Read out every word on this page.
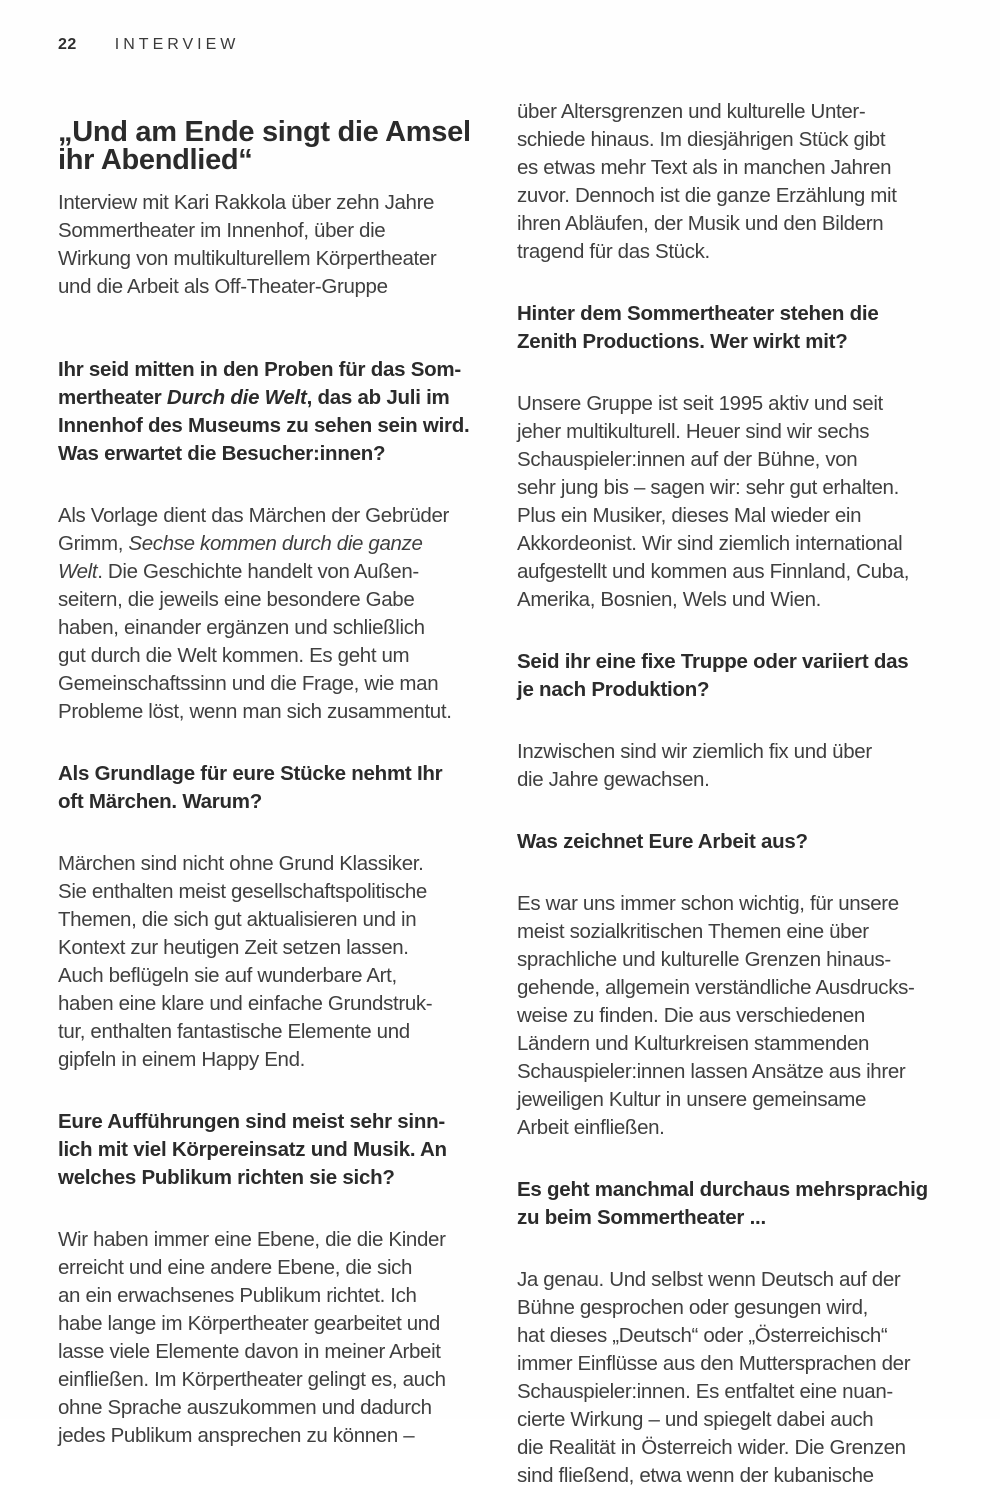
22 INTERVIEW
„Und am Ende singt die Amsel
ihr Abendlied“
Interview mit Kari Rakkola über zehn Jahre
Sommertheater im Innenhof, über die
Wirkung von multikulturellem Körpertheater
und die Arbeit als Off-Theater-Gruppe

Ihr seid mitten in den Proben für das Som-
mertheater Durch die Welt, das ab Juli im
Innenhof des Museums zu sehen sein wird.
Was erwartet die Besucher:innen?

Als Vorlage dient das Märchen der Gebrüder
Grimm, Sechse kommen durch die ganze
Welt. Die Geschichte handelt von Außen-
seitern, die jeweils eine besondere Gabe
haben, einander ergänzen und schließlich
gut durch die Welt kommen. Es geht um
Gemeinschaftssinn und die Frage, wie man
Probleme löst, wenn man sich zusammentut.

Als Grundlage für eure Stücke nehmt Ihr
oft Märchen. Warum?

Märchen sind nicht ohne Grund Klassiker.
Sie enthalten meist gesellschaftspolitische
Themen, die sich gut aktualisieren und in
Kontext zur heutigen Zeit setzen lassen.
Auch beflügeln sie auf wunderbare Art,
haben eine klare und einfache Grundstruk-
tur, enthalten fantastische Elemente und
gipfeln in einem Happy End.

Eure Aufführungen sind meist sehr sinn-
lich mit viel Körpereinsatz und Musik. An
welches Publikum richten sie sich?

Wir haben immer eine Ebene, die die Kinder
erreicht und eine andere Ebene, die sich
an ein erwachsenes Publikum richtet. Ich
habe lange im Körpertheater gearbeitet und
lasse viele Elemente davon in meiner Arbeit
einfließen. Im Körpertheater gelingt es, auch
ohne Sprache auszukommen und dadurch
jedes Publikum ansprechen zu können –

über Altersgrenzen und kulturelle Unter-
schiede hinaus. Im diesjährigen Stück gibt
es etwas mehr Text als in manchen Jahren
zuvor. Dennoch ist die ganze Erzählung mit
ihren Abläufen, der Musik und den Bildern
tragend für das Stück.

Hinter dem Sommertheater stehen die
Zenith Productions. Wer wirkt mit?

Unsere Gruppe ist seit 1995 aktiv und seit
jeher multikulturell. Heuer sind wir sechs
Schauspieler:innen auf der Bühne, von
sehr jung bis – sagen wir: sehr gut erhalten.
Plus ein Musiker, dieses Mal wieder ein
Akkordeonist. Wir sind ziemlich international
aufgestellt und kommen aus Finnland, Cuba,
Amerika, Bosnien, Wels und Wien.

Seid ihr eine fixe Truppe oder variiert das
je nach Produktion?

Inzwischen sind wir ziemlich fix und über
die Jahre gewachsen.

Was zeichnet Eure Arbeit aus?

Es war uns immer schon wichtig, für unsere
meist sozialkritischen Themen eine über
sprachliche und kulturelle Grenzen hinaus-
gehende, allgemein verständliche Ausdrucks-
weise zu finden. Die aus verschiedenen
Ländern und Kulturkreisen stammenden
Schauspieler:innen lassen Ansätze aus ihrer
jeweiligen Kultur in unsere gemeinsame
Arbeit einfließen.

Es geht manchmal durchaus mehrsprachig
zu beim Sommertheater ...

Ja genau. Und selbst wenn Deutsch auf der
Bühne gesprochen oder gesungen wird,
hat dieses „Deutsch“ oder „Österreichisch“
immer Einflüsse aus den Muttersprachen der
Schauspieler:innen. Es entfaltet eine nuan-
cierte Wirkung – und spiegelt dabei auch
die Realität in Österreich wider. Die Grenzen
sind fließend, etwa wenn der kubanische
